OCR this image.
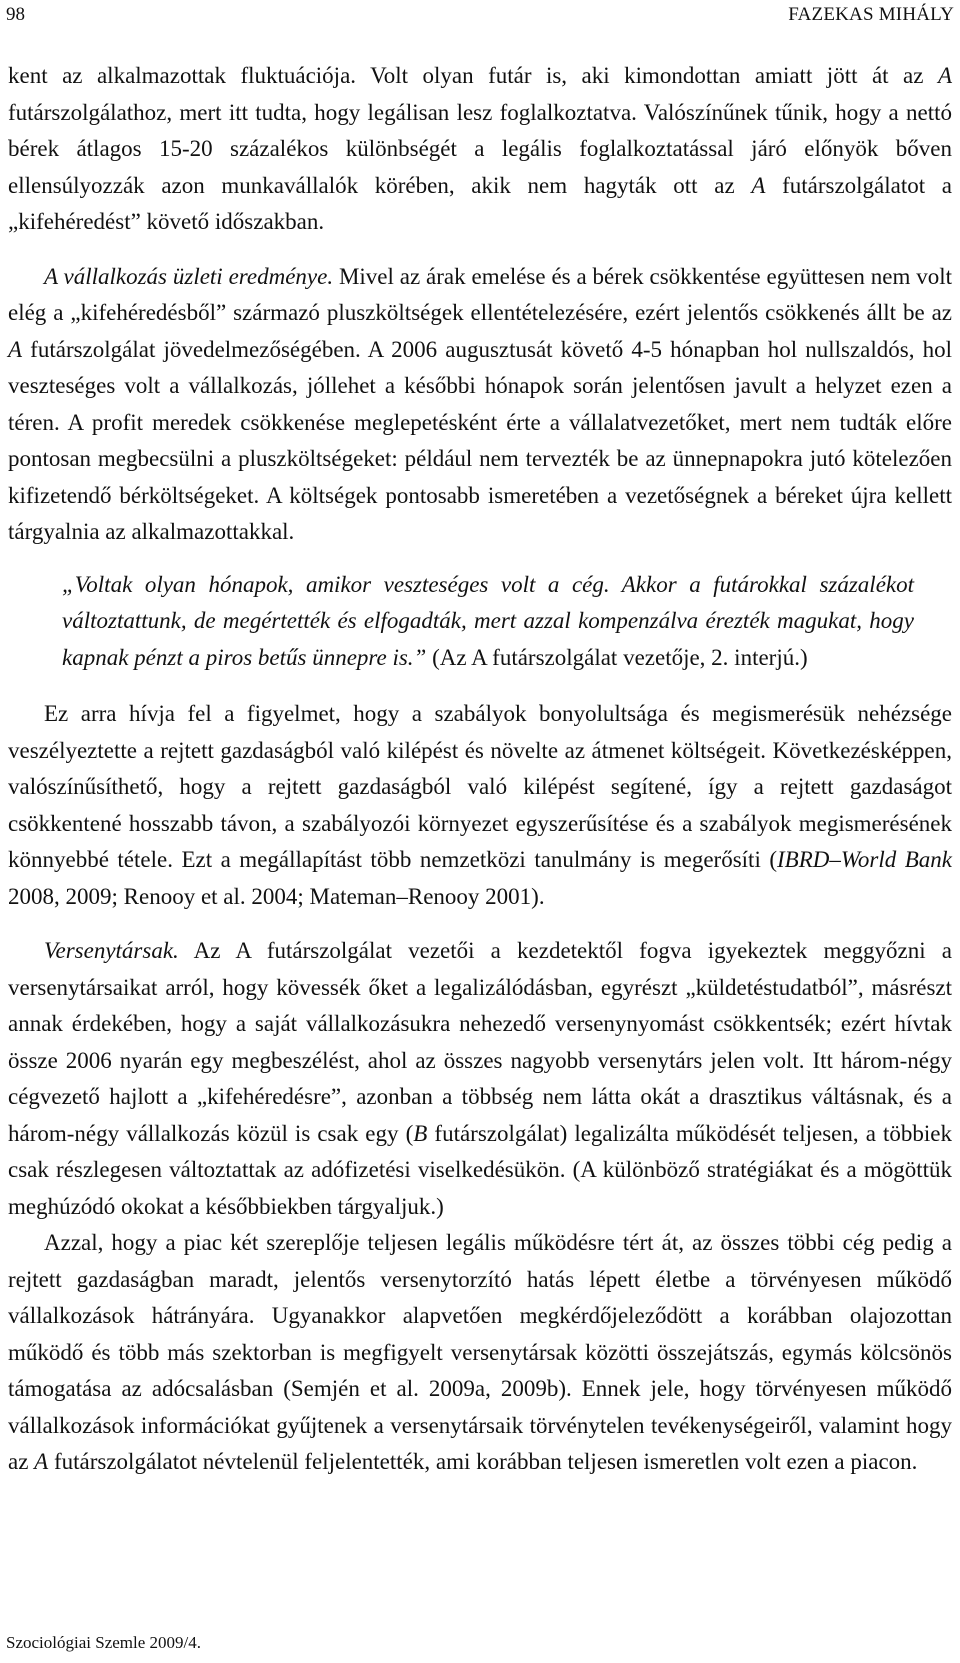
98	FAZEKAS MIHÁLY

kent az alkalmazottak fluktuációja. Volt olyan futár is, aki kimondottan amiatt jött át az A futárszolgálathoz, mert itt tudta, hogy legálisan lesz foglalkoztatva. Valószínűnek tűnik, hogy a nettó bérek átlagos 15-20 százalékos különbségét a legális foglalkoztatással járó előnyök bőven ellensúlyozzák azon munkavállalók körében, akik nem hagyták ott az A futárszolgálatot a „kifehéredést” követő időszakban.

A vállalkozás üzleti eredménye. Mivel az árak emelése és a bérek csökkentése együttesen nem volt elég a „kifehéredésből” származó pluszköltségek ellentételezésére, ezért jelentős csökkenés állt be az A futárszolgálat jövedelmezőségében. A 2006 augusztusát követő 4-5 hónapban hol nullszaldós, hol veszteséges volt a vállalkozás, jóllehet a későbbi hónapok során jelentősen javult a helyzet ezen a téren. A profit meredek csökkenése meglepetésként érte a vállalatvezetőket, mert nem tudták előre pontosan megbecsülni a pluszköltségeket: például nem tervezték be az ünnepnapokra jutó kötelezően kifizetendő bérköltségeket. A költségek pontosabb ismeretében a vezetőségnek a béreket újra kellett tárgyalnia az alkalmazottakkal.

„Voltak olyan hónapok, amikor veszteséges volt a cég. Akkor a futárokkal százalékot változtattunk, de megértették és elfogadták, mert azzal kompenzálva érezték magukat, hogy kapnak pénzt a piros betűs ünnepre is.” (Az A futárszolgálat vezetője, 2. interjú.)

Ez arra hívja fel a figyelmet, hogy a szabályok bonyolultsága és megismerésük nehézsége veszélyeztette a rejtett gazdaságból való kilépést és növelte az átmenet költségeit. Következésképpen, valószínűsíthető, hogy a rejtett gazdaságból való kilépést segítené, így a rejtett gazdaságot csökkentené hosszabb távon, a szabályozói környezet egyszerűsítése és a szabályok megismerésének könnyebbé tétele. Ezt a megállapítást több nemzetközi tanulmány is megerősíti (IBRD–World Bank 2008, 2009; Renooy et al. 2004; Mateman–Renooy 2001).

Versenytársak. Az A futárszolgálat vezetői a kezdetektől fogva igyekeztek meggyőzni a versenytársaikat arról, hogy kövessék őket a legalizálódásban, egyrészt „küldetéstudatból”, másrészt annak érdekében, hogy a saját vállalkozásukra nehezedő versenynyomást csökkentsék; ezért hívtak össze 2006 nyarán egy megbeszélést, ahol az összes nagyobb versenytárs jelen volt. Itt három-négy cégvezető hajlott a „kifehéredésre”, azonban a többség nem látta okát a drasztikus váltásnak, és a három-négy vállalkozás közül is csak egy (B futárszolgálat) legalizálta működését teljesen, a többiek csak részlegesen változtattak az adófizetési viselkedésükön. (A különböző stratégiákat és a mögöttük meghúzódó okokat a későbbiekben tárgyaljuk.)

Azzal, hogy a piac két szereplője teljesen legális működésre tért át, az összes többi cég pedig a rejtett gazdaságban maradt, jelentős versenytorzító hatás lépett életbe a törvényesen működő vállalkozások hátrányára. Ugyanakkor alapvetően megkérdőjeleződött a korábban olajozottan működő és több más szektorban is megfigyelt versenytársak közötti összejátszás, egymás kölcsönös támogatása az adócsalásban (Semjén et al. 2009a, 2009b). Ennek jele, hogy törvényesen működő vállalkozások információkat gyűjtenek a versenytársaik törvénytelen tevékenységeiről, valamint hogy az A futárszolgálatot névtelenül feljelentették, ami korábban teljesen ismeretlen volt ezen a piacon.

Szociológiai Szemle 2009/4.
